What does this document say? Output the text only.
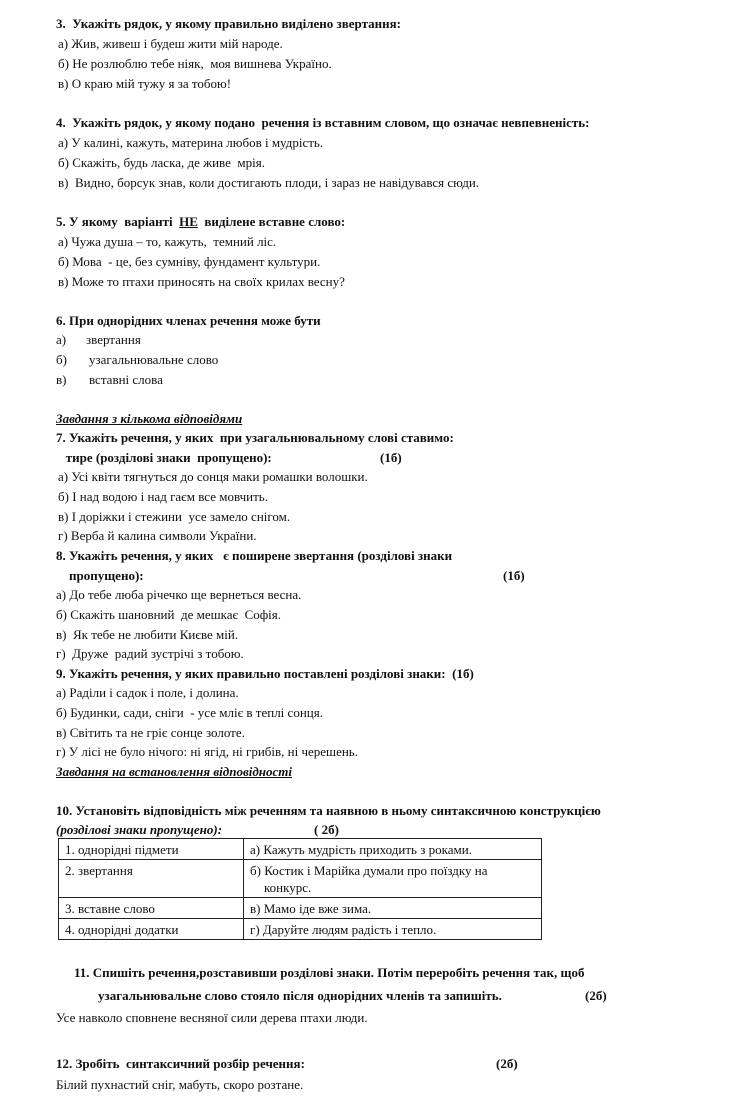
3.  Укажіть рядок, у якому правильно виділено звертання:
а) Жив, живеш і будеш жити мій народе.
б) Не розлюблю тебе ніяк,  моя вишнева Україно.
в) О краю мій тужу я за тобою!
4.  Укажіть рядок, у якому подано  речення із вставним словом, що означає невпевненість:
а) У калині, кажуть, материна любов і мудрість.
б) Скажіть, будь ласка, де живе  мрія.
в)  Видно, борсук знав, коли достигають плоди, і зараз не навідувався сюди.
5. У якому  варіанті  НЕ  виділене вставне слово:
а) Чужа душа – то, кажуть,  темний ліс.
б) Мова  - це, без сумніву, фундамент культури.
в) Може то птахи приносять на своїх крилах весну?
6. При однорідних членах речення може бути
а) звертання
б) узагальнювальне слово
в) вставні слова
Завдання з кількома відповідями
7. Укажіть речення, у яких  при узагальнювальному слові ставимо:
тире (розділові знаки  пропущено):	(1б)
а) Усі квіти тягнуться до сонця маки ромашки волошки.
б) І над водою і над гаєм все мовчить.
в) І доріжки і стежини  усе замело снігом.
г) Верба й калина символи України.
8. Укажіть речення, у яких   є поширене звертання (розділові знаки
пропущено):	(1б)
а) До тебе люба річечко ще вернеться весна.
б) Скажіть шановний  де мешкає  Софія.
в)  Як тебе не любити Києве мій.
г)  Друже  радий зустрічі з тобою.
9. Укажіть речення, у яких правильно поставлені розділові знаки:  (1б)
а) Раділи і садок і поле, і долина.
б) Будинки, сади, сніги  - усе мліє в теплі сонця.
в) Світить та не гріє сонце золоте.
г) У лісі не було нічого: ні ягід, ні грибів, ні черешень.
Завдання на встановлення відповідності
10. Установіть відповідність між реченням та наявною в ньому синтаксичною конструкцією
(розділові знаки пропущено):	( 2б)
1. однорідні підмети	а) Кажуть мудрість приходить з роками.
2. звертання	б) Костик і Марійка думали про поїздку на
конкурс.

3. вставне слово	в) Мамо іде вже зима.
4. однорідні додатки	г) Даруйте людям радість і тепло.
11. Спишіть речення,розставивши розділові знаки. Потім переробіть речення так, щоб
узагальнювальне слово стояло після однорідних членів та запишіть.	(2б)
Усе навколо сповнене весняної сили дерева птахи люди.
12. Зробіть  синтаксичний розбір речення:	(2б)
Білий пухнастий сніг, мабуть, скоро розтане.
